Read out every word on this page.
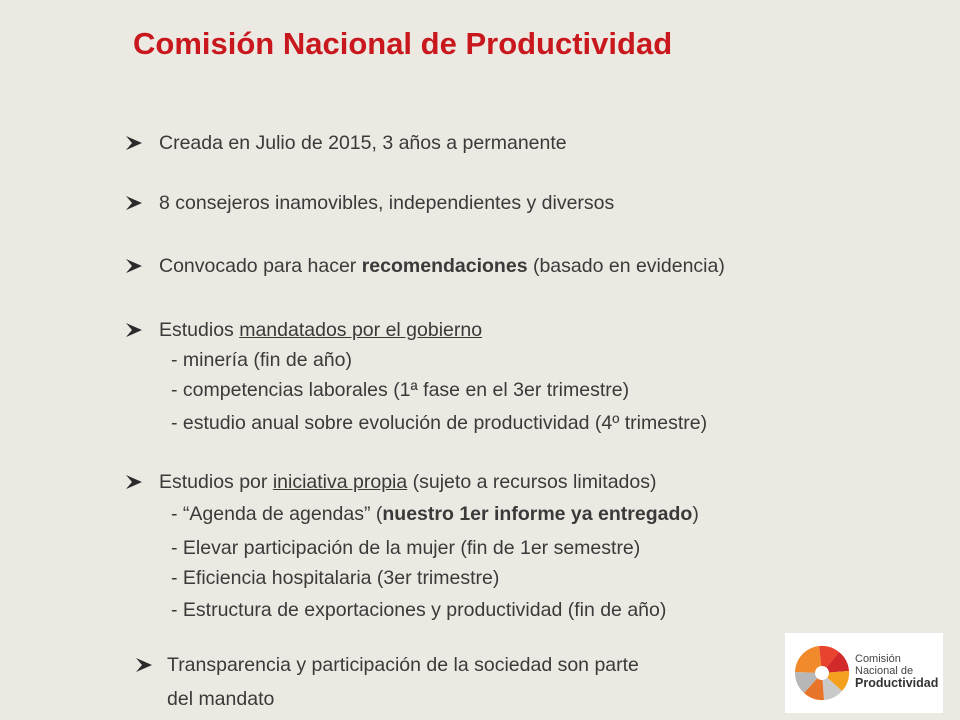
Comisión Nacional de Productividad
Creada en Julio de 2015, 3 años a permanente
8 consejeros inamovibles, independientes y diversos
Convocado para hacer recomendaciones (basado en evidencia)
Estudios mandatados por el gobierno
- minería (fin de año)
- competencias laborales (1ª fase en el 3er trimestre)
- estudio anual sobre evolución de productividad (4º trimestre)
Estudios por iniciativa propia (sujeto a recursos limitados)
- “Agenda de agendas” (nuestro 1er informe ya entregado)
- Elevar participación de la mujer (fin de 1er semestre)
- Eficiencia hospitalaria (3er trimestre)
- Estructura de exportaciones y productividad (fin de año)
Transparencia y participación de la sociedad son parte
del mandato
Comisión
Nacional de
Productividad
